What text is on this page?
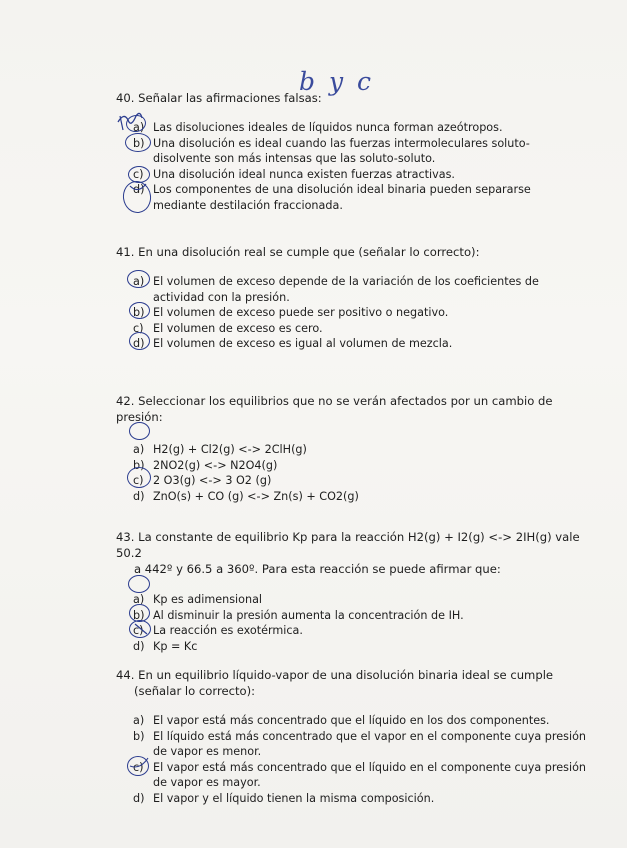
b y c

40. Señalar las afirmaciones falsas:

a) Las disoluciones ideales de líquidos nunca forman azeótropos.
b) Una disolución es ideal cuando las fuerzas intermoleculares soluto-disolvente son más intensas que las soluto-soluto.
c) Una disolución ideal nunca existen fuerzas atractivas.
d) Los componentes de una disolución ideal binaria pueden separarse mediante destilación fraccionada.

41. En una disolución real se cumple que (señalar lo correcto):

a) El volumen de exceso depende de la variación de los coeficientes de actividad con la presión.
b) El volumen de exceso puede ser positivo o negativo.
c) El volumen de exceso es cero.
d) El volumen de exceso es igual al volumen de mezcla.

42. Seleccionar los equilibrios que no se verán afectados por un cambio de presión:

a) H2(g) + Cl2(g) <-> 2ClH(g)
b) 2NO2(g) <-> N2O4(g)
c) 2 O3(g) <-> 3 O2 (g)
d) ZnO(s) + CO (g) <-> Zn(s) + CO2(g)

43. La constante de equilibrio Kp para la reacción H2(g) + I2(g) <-> 2IH(g) vale 50.2
a 442º y 66.5 a 360º. Para esta reacción se puede afirmar que:

a) Kp es adimensional
b) Al disminuir la presión aumenta la concentración de IH.
c) La reacción es exotérmica.
d) Kp = Kc

44. En un equilibrio líquido-vapor de una disolución binaria ideal se cumple
(señalar lo correcto):

a) El vapor está más concentrado que el líquido en los dos componentes.
b) El líquido está más concentrado que el vapor en el componente cuya presión de vapor es menor.
c) El vapor está más concentrado que el líquido en el componente cuya presión de vapor es mayor.
d) El vapor y el líquido tienen la misma composición.
